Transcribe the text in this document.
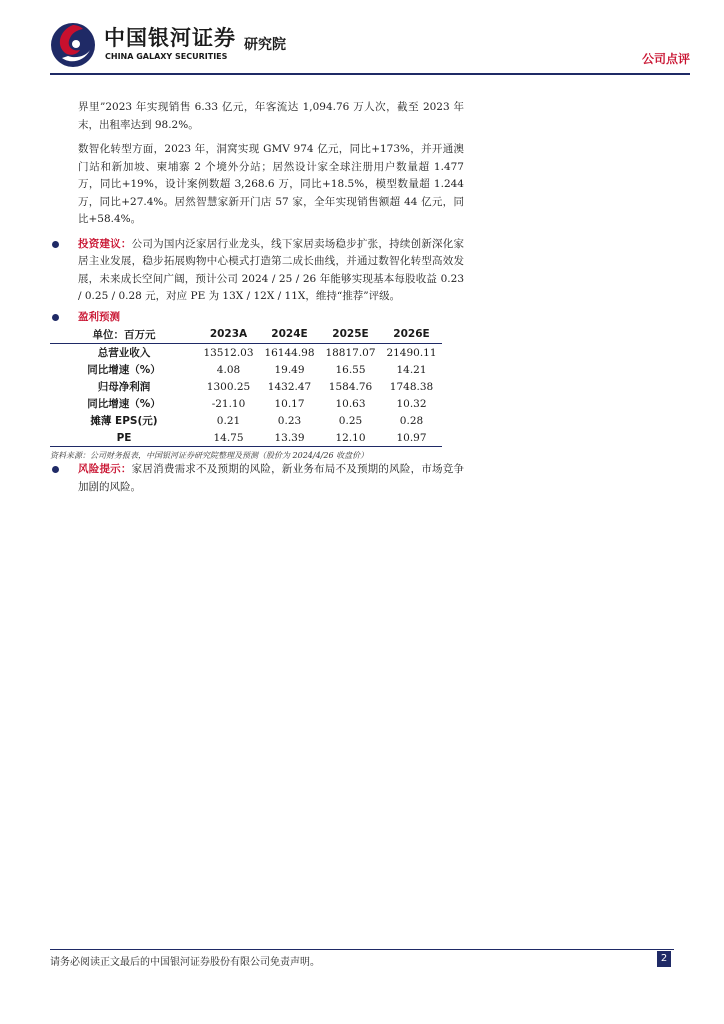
中国银河证券
CHINA GALAXY SECURITIES
研究院
公司点评

界里”2023 年实现销售 6.33 亿元，年客流达 1,094.76 万人次，截至 2023 年末，出租率达到 98.2%。

数智化转型方面，2023 年，洞窝实现 GMV 974 亿元，同比+173%，并开通澳门站和新加坡、柬埔寨 2 个境外分站；居然设计家全球注册用户数量超 1.477 万，同比+19%，设计案例数超 3,268.6 万，同比+18.5%，模型数量超 1.244 万，同比+27.4%。居然智慧家新开门店 57 家，全年实现销售额超 44 亿元，同比+58.4%。

投资建议：公司为国内泛家居行业龙头，线下家居卖场稳步扩张，持续创新深化家居主业发展，稳步拓展购物中心模式打造第二成长曲线，并通过数智化转型高效发展，未来成长空间广阔，预计公司 2024 / 25 / 26 年能够实现基本每股收益 0.23 / 0.25 / 0.28 元，对应 PE 为 13X / 12X / 11X，维持“推荐”评级。

盈利预测

单位：百万元	2023A	2024E	2025E	2026E
总营业收入	13512.03	16144.98	18817.07	21490.11
同比增速（%）	4.08	19.49	16.55	14.21
归母净利润	1300.25	1432.47	1584.76	1748.38
同比增速（%）	-21.10	10.17	10.63	10.32
摊薄 EPS(元)	0.21	0.23	0.25	0.28
PE	14.75	13.39	12.10	10.97
资料来源：公司财务报表，中国银河证券研究院整理及预测（股价为 2024/4/26 收盘价）

风险提示：家居消费需求不及预期的风险，新业务布局不及预期的风险，市场竞争加剧的风险。

请务必阅读正文最后的中国银河证券股份有限公司免责声明。	2
